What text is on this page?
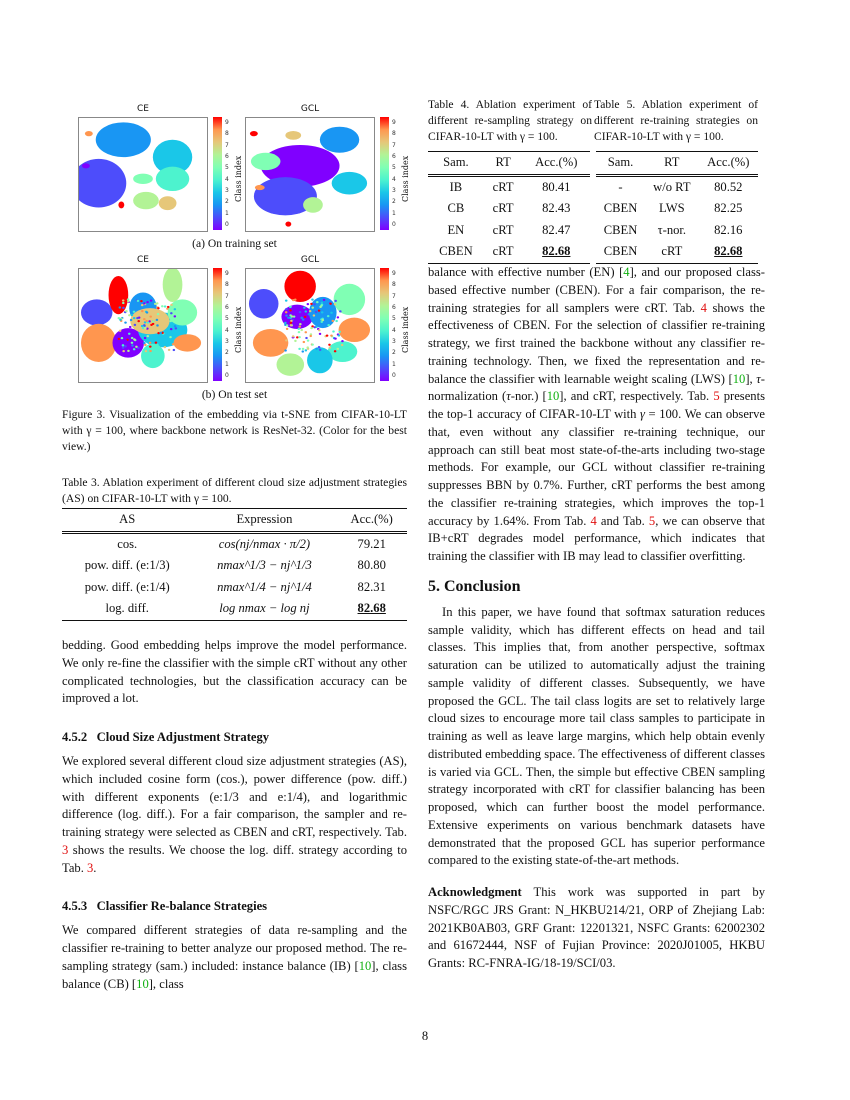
CE
0
1
2
3
4
5
6
7
8
9
Class index
GCL
0
1
2
3
4
5
6
7
8
9
Class index
CE
0
1
2
3
4
5
6
7
8
9
Class index
GCL
0
1
2
3
4
5
6
7
8
9
Class index
(a) On training set
(b) On test set
Figure 3. Visualization of the embedding via t-SNE from CIFAR-10-LT with γ = 100, where backbone network is ResNet-32. (Color for the best view.)
Table 3. Ablation experiment of different cloud size adjustment strategies (AS) on CIFAR-10-LT with γ = 100.
AS	Expression	Acc.(%)
cos.	cos(nj/nmax · π/2)	79.21
pow. diff. (e:1/3)	nmax^1/3 − nj^1/3	80.80
pow. diff. (e:1/4)	nmax^1/4 − nj^1/4	82.31
log. diff.	log nmax − log nj	82.68
bedding. Good embedding helps improve the model performance. We only re-fine the classifier with the simple cRT without any other complicated technologies, but the classification accuracy can be improved a lot.
4.5.2   Cloud Size Adjustment Strategy
We explored several different cloud size adjustment strategies (AS), which included cosine form (cos.), power difference (pow. diff.) with different exponents (e:1/3 and e:1/4), and logarithmic difference (log. diff.). For a fair comparison, the sampler and re-training strategy were selected as CBEN and cRT, respectively. Tab. 3 shows the results. We choose the log. diff. strategy according to Tab. 3.
4.5.3   Classifier Re-balance Strategies
We compared different strategies of data re-sampling and the classifier re-training to better analyze our proposed method. The re-sampling strategy (sam.) included: instance balance (IB) [10], class balance (CB) [10], class
Table 4. Ablation experiment of different re-sampling strategy on CIFAR-10-LT with γ = 100.
Table 5. Ablation experiment of different re-training strategies on CIFAR-10-LT with γ = 100.
Sam.	RT	Acc.(%)
IB	cRT	80.41
CB	cRT	82.43
EN	cRT	82.47
CBEN	cRT	82.68
Sam.	RT	Acc.(%)
-	w/o RT	80.52
CBEN	LWS	82.25
CBEN	τ-nor.	82.16
CBEN	cRT	82.68
balance with effective number (EN) [4], and our proposed class-based effective number (CBEN). For a fair comparison, the re-training strategies for all samplers were cRT. Tab. 4 shows the effectiveness of CBEN. For the selection of classifier re-training strategy, we first trained the backbone without any classifier re-training technology. Then, we fixed the representation and re-balance the classifier with learnable weight scaling (LWS) [10], τ-normalization (τ-nor.) [10], and cRT, respectively. Tab. 5 presents the top-1 accuracy of CIFAR-10-LT with γ = 100. We can observe that, even without any classifier re-training technique, our approach can still beat most state-of-the-arts including two-stage methods. For example, our GCL without classifier re-training suppresses BBN by 0.7%. Further, cRT performs the best among the classifier re-training strategies, which improves the top-1 accuracy by 1.64%. From Tab. 4 and Tab. 5, we can observe that IB+cRT degrades model performance, which indicates that training the classifier with IB may lead to classifier overfitting.
5. Conclusion
In this paper, we have found that softmax saturation reduces sample validity, which has different effects on head and tail classes. This implies that, from another perspective, softmax saturation can be utilized to automatically adjust the training sample validity of different classes. Subsequently, we have proposed the GCL. The tail class logits are set to relatively large cloud sizes to encourage more tail class samples to participate in training as well as leave large margins, which help obtain evenly distributed embedding space. The effectiveness of different classes is varied via GCL. Then, the simple but effective CBEN sampling strategy incorporated with cRT for classifier balancing has been proposed, which can further boost the model performance. Extensive experiments on various benchmark datasets have demonstrated that the proposed GCL has superior performance compared to the existing state-of-the-art methods.
Acknowledgment This work was supported in part by NSFC/RGC JRS Grant: N_HKBU214/21, ORP of Zhejiang Lab: 2021KB0AB03, GRF Grant: 12201321, NSFC Grants: 62002302 and 61672444, NSF of Fujian Province: 2020J01005, HKBU Grants: RC-FNRA-IG/18-19/SCI/03.
8
